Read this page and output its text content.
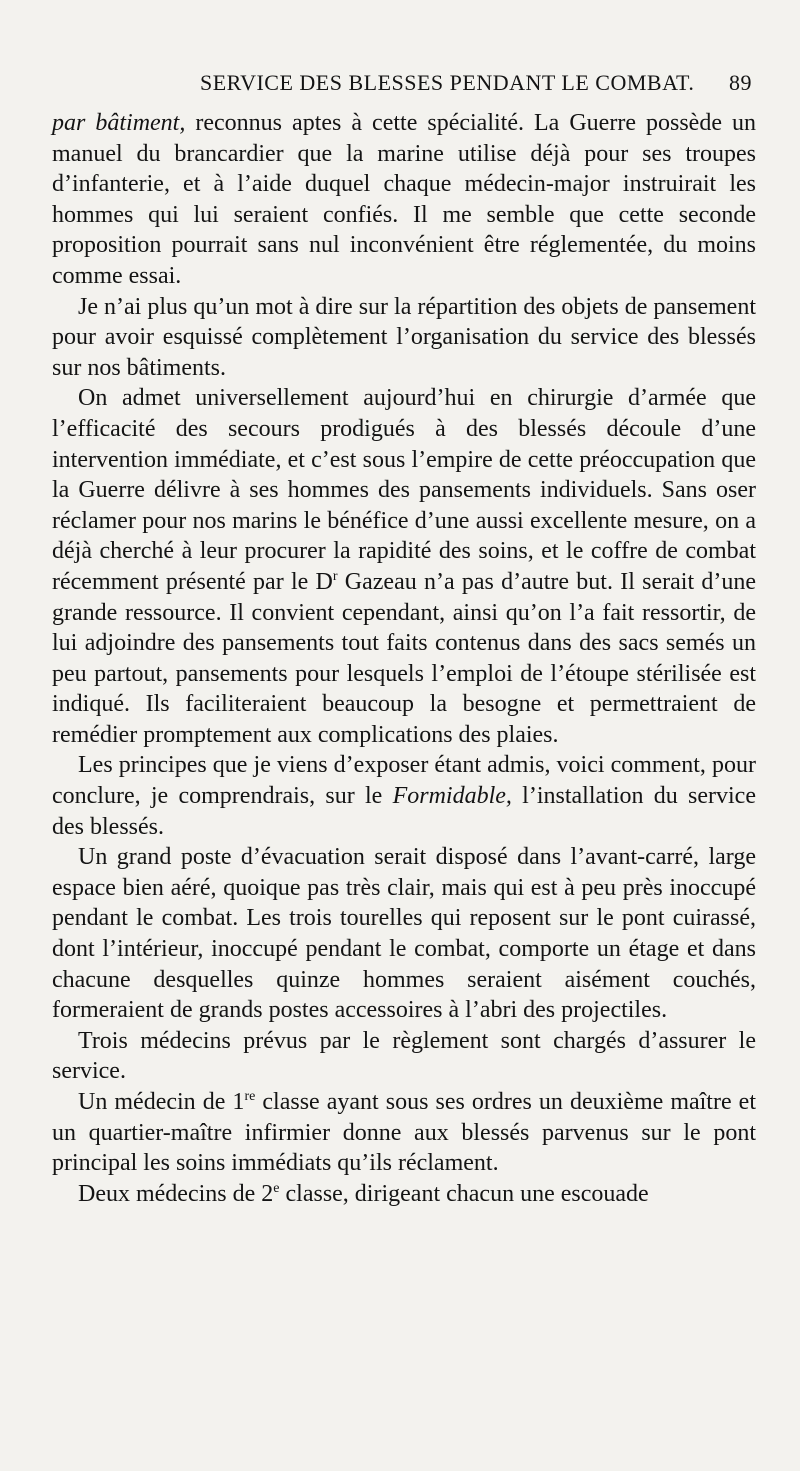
SERVICE DES BLESSES PENDANT LE COMBAT. 89

par bâtiment, reconnus aptes à cette spécialité. La Guerre possède un manuel du brancardier que la marine utilise déjà pour ses troupes d’infanterie, et à l’aide duquel chaque médecin-major instruirait les hommes qui lui seraient confiés. Il me semble que cette seconde proposition pourrait sans nul inconvénient être réglementée, du moins comme essai.

Je n’ai plus qu’un mot à dire sur la répartition des objets de pansement pour avoir esquissé complètement l’organisation du service des blessés sur nos bâtiments.

On admet universellement aujourd’hui en chirurgie d’armée que l’efficacité des secours prodigués à des blessés découle d’une intervention immédiate, et c’est sous l’empire de cette préoccupation que la Guerre délivre à ses hommes des pansements individuels. Sans oser réclamer pour nos marins le bénéfice d’une aussi excellente mesure, on a déjà cherché à leur procurer la rapidité des soins, et le coffre de combat récemment présenté par le $D^r$ Gazeau n’a pas d’autre but. Il serait d’une grande ressource. Il convient cependant, ainsi qu’on l’a fait ressortir, de lui adjoindre des pansements tout faits contenus dans des sacs semés un peu partout, pansements pour lesquels l’emploi de l’étoupe stérilisée est indiqué. Ils faciliteraient beaucoup la besogne et permettraient de remédier promptement aux complications des plaies.

Les principes que je viens d’exposer étant admis, voici comment, pour conclure, je comprendrais, sur le Formidable, l’installation du service des blessés.

Un grand poste d’évacuation serait disposé dans l’avant-carré, large espace bien aéré, quoique pas très clair, mais qui est à peu près inoccupé pendant le combat. Les trois tourelles qui reposent sur le pont cuirassé, dont l’intérieur, inoccupé pendant le combat, comporte un étage et dans chacune desquelles quinze hommes seraient aisément couchés, formeraient de grands postes accessoires à l’abri des projectiles.

Trois médecins prévus par le règlement sont chargés d’assurer le service.

Un médecin de 1re classe ayant sous ses ordres un deuxième maître et un quartier-maître infirmier donne aux blessés parvenus sur le pont principal les soins immédiats qu’ils réclament.

Deux médecins de 2e classe, dirigeant chacun une escouade
